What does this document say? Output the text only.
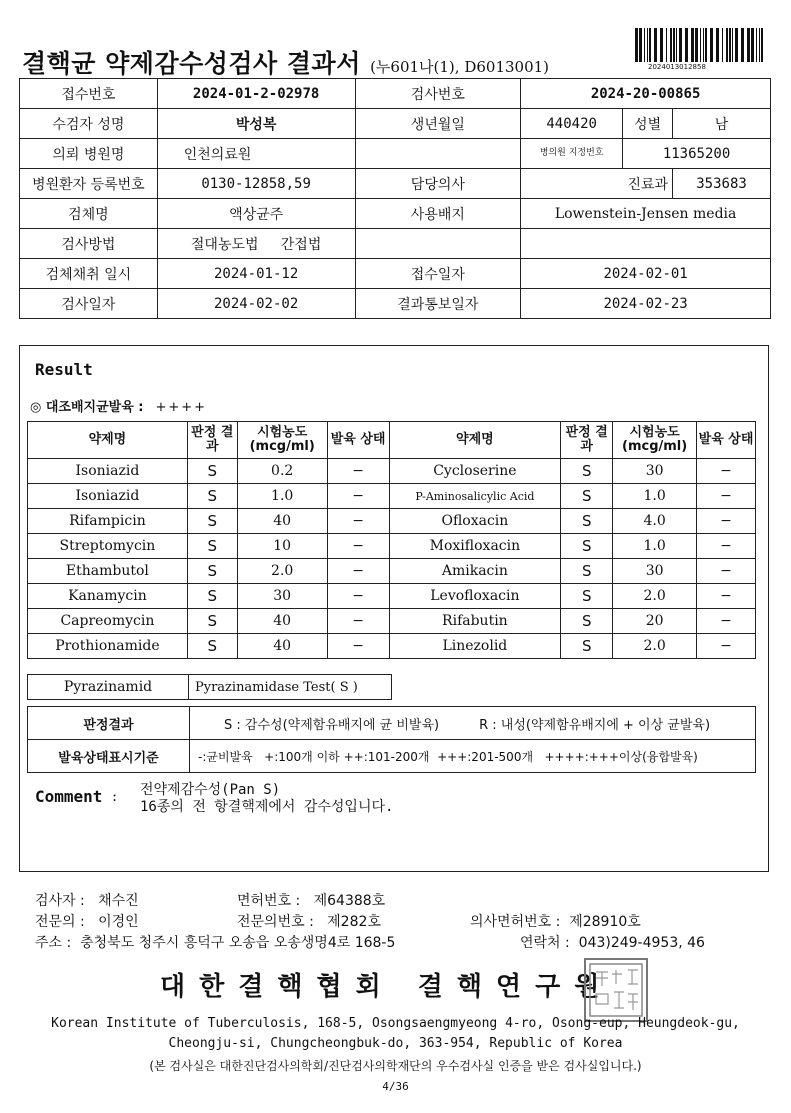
결핵균 약제감수성검사 결과서 (누601나(1), D6013001)	2024013012858
접수번호	2024-01-2-02978	검사번호	2024-20-00865		
수검자 성명	박성복	생년월일	440420	성별	남
의뢰 병원명	인천의료원		병의원 지정번호	11365200	
병원환자 등록번호	0130-12858,59	담당의사		진료과	353683
검체명	액상균주	사용배지	Lowenstein-Jensen media		
검사방법	절대농도법 간접법				
검체채취 일시	2024-01-12	접수일자	2024-02-01		
검사일자	2024-02-02	결과통보일자	2024-02-23		
Result
◎ 대조배지균발육 : ++++
약제명	판정 결과	시험농도 (mcg/ml)	발육 상태	약제명	판정 결과	시험농도 (mcg/ml)	발육 상태
Isoniazid	S	0.2	−	Cycloserine	S	30	−
Isoniazid	S	1.0	−	P-Aminosalicylic Acid	S	1.0	−
Rifampicin	S	40	−	Ofloxacin	S	4.0	−
Streptomycin	S	10	−	Moxifloxacin	S	1.0	−
Ethambutol	S	2.0	−	Amikacin	S	30	−
Kanamycin	S	30	−	Levofloxacin	S	2.0	−
Capreomycin	S	40	−	Rifabutin	S	20	−
Prothionamide	S	40	−	Linezolid	S	2.0	−
Pyrazinamid	Pyrazinamidase Test( S )
판정결과	S : 감수성(약제함유배지에 균 비발육) R : 내성(약제함유배지에 + 이상 균발육)
발육상태표시기준	-:균비발육   +:100개 이하 ++:101-200개  +++:201-500개   ++++:+++이상(융합발육)
Comment : 전약제감수성(Pan S)
16종의 전 항결핵제에서 감수성입니다.
검사자 : 채수진	면허번호 : 제64388호
전문의 : 이경인	전문의번호 : 제282호	의사면허번호 : 제28910호
주소 : 충청북도 청주시 흥덕구 오송읍 오송생명4로 168-5	연락처 : 043)249-4953, 46
대한결핵협회 결핵연구원
Korean Institute of Tuberculosis, 168-5, Osongsaengmyeong 4-ro, Osong-eup, Heungdeok-gu,
Cheongju-si, Chungcheongbuk-do, 363-954, Republic of Korea
(본 검사실은 대한진단검사의학회/진단검사의학재단의 우수검사실 인증을 받은 검사실입니다.)
4/36
